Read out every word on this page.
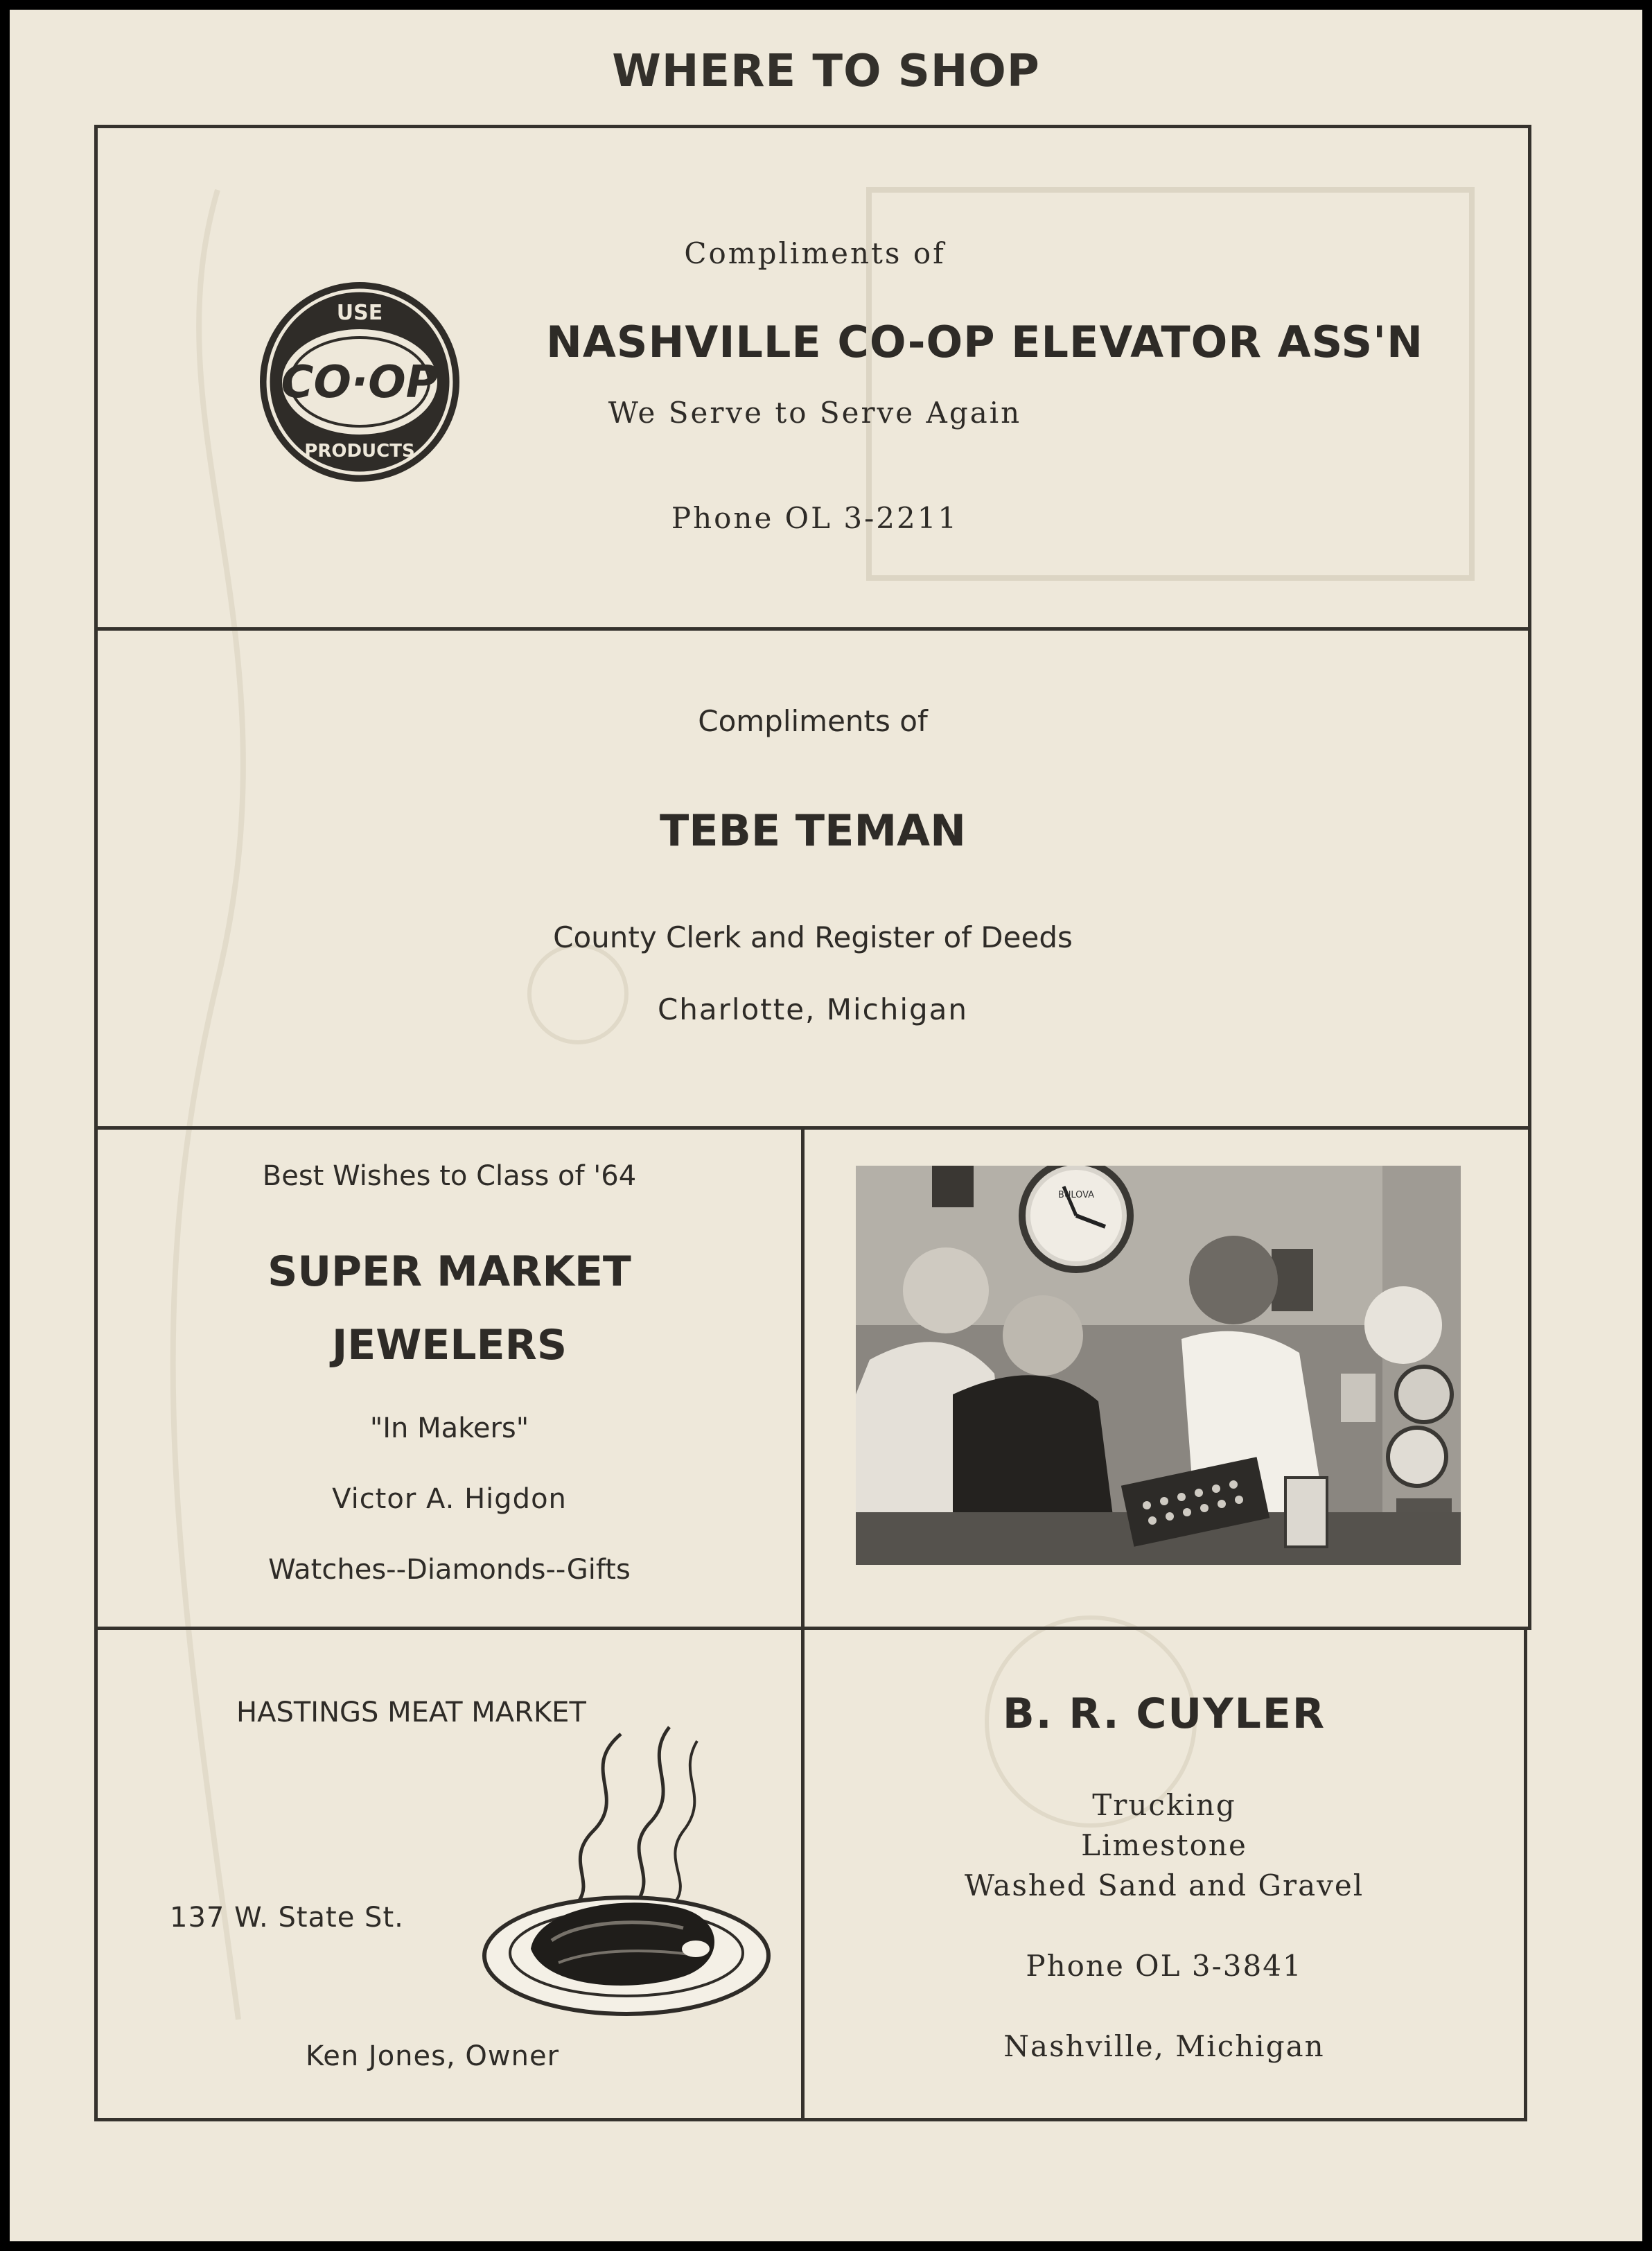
WHERE TO SHOP
Compliments of
NASHVILLE CO-OP ELEVATOR ASS'N
We Serve to Serve Again
Phone OL 3-2211
USE
CO·OP
PRODUCTS
Compliments of
TEBE TEMAN
County Clerk and Register of Deeds
Charlotte, Michigan
Best Wishes to Class of '64
SUPER MARKET
JEWELERS
"In Makers"
Victor A. Higdon
Watches--Diamonds--Gifts
BULOVA
HASTINGS MEAT MARKET
137 W. State St.
Ken Jones, Owner
B. R. CUYLER
Trucking
Limestone
Washed Sand and Gravel
Phone OL 3-3841
Nashville, Michigan
